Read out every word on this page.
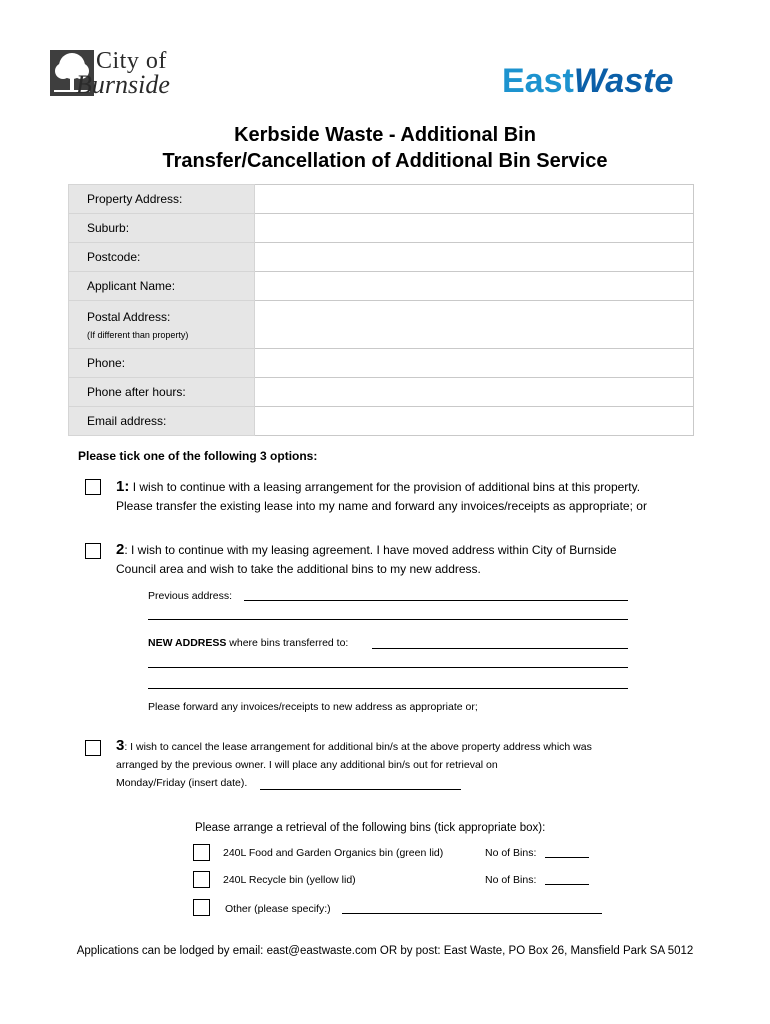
City of
Burnside	EastWaste
Kerbside Waste - Additional Bin
Transfer/Cancellation of Additional Bin Service
Property Address:	
Suburb:	
Postcode:	
Applicant Name:	
Postal Address:
(If different than property)	

Phone:	
Phone after hours:	
Email address:	
Please tick one of the following 3 options:
1: I wish to continue with a leasing arrangement for the provision of additional bins at this property.
Please transfer the existing lease into my name and forward any invoices/receipts as appropriate; or
2: I wish to continue with my leasing agreement. I have moved address within City of Burnside
Council area and wish to take the additional bins to my new address.
Previous address:
NEW ADDRESS where bins transferred to:
Please forward any invoices/receipts to new address as appropriate or;
3: I wish to cancel the lease arrangement for additional bin/s at the above property address which was
arranged by the previous owner. I will place any additional bin/s out for retrieval on
Monday/Friday (insert date).
Please arrange a retrieval of the following bins (tick appropriate box):
240L Food and Garden Organics bin (green lid)	No of Bins:
240L Recycle bin (yellow lid)	No of Bins:
Other (please specify:)
Applications can be lodged by email: east@eastwaste.com OR by post: East Waste, PO Box 26, Mansfield Park SA 5012
